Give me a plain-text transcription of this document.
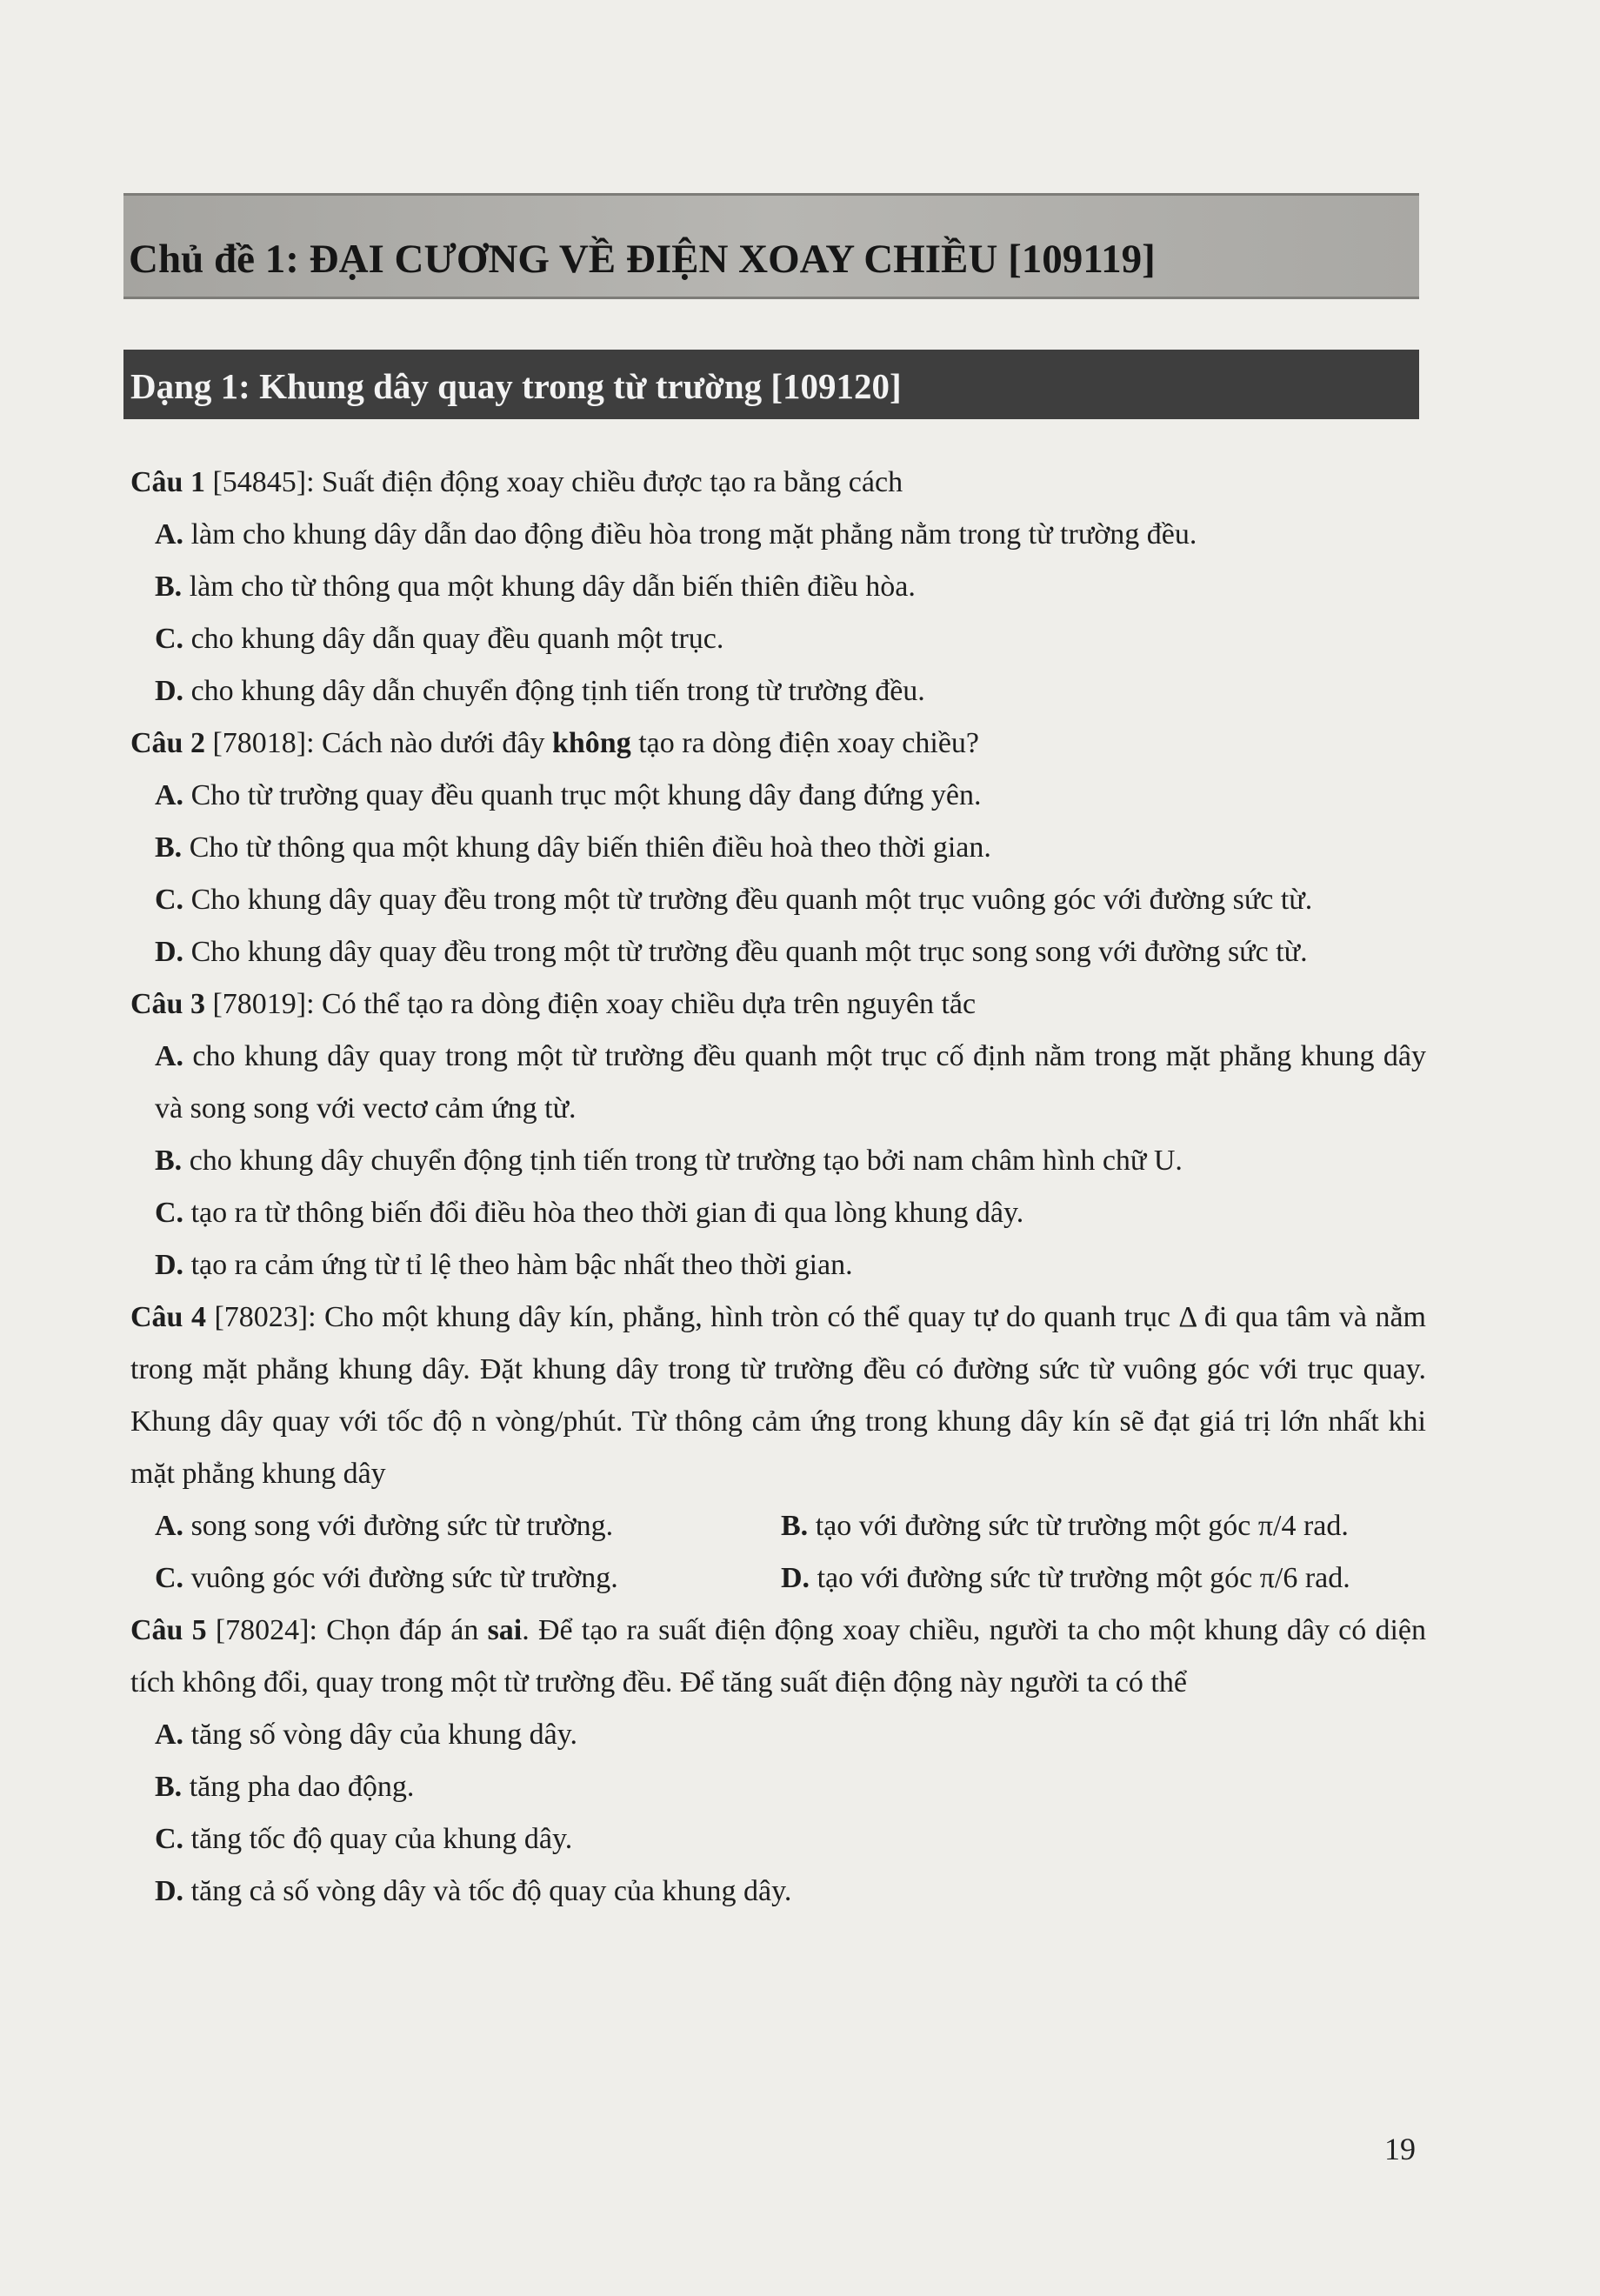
Chủ đề 1: ĐẠI CƯƠNG VỀ ĐIỆN XOAY CHIỀU [109119]
Dạng 1: Khung dây quay trong từ trường [109120]

Câu 1 [54845]: Suất điện động xoay chiều được tạo ra bằng cách

A. làm cho khung dây dẫn dao động điều hòa trong mặt phẳng nằm trong từ trường đều.

B. làm cho từ thông qua một khung dây dẫn biến thiên điều hòa.

C. cho khung dây dẫn quay đều quanh một trục.

D. cho khung dây dẫn chuyển động tịnh tiến trong từ trường đều.

Câu 2 [78018]: Cách nào dưới đây không tạo ra dòng điện xoay chiều?

A. Cho từ trường quay đều quanh trục một khung dây đang đứng yên.

B. Cho từ thông qua một khung dây biến thiên điều hoà theo thời gian.

C. Cho khung dây quay đều trong một từ trường đều quanh một trục vuông góc với đường sức từ.

D. Cho khung dây quay đều trong một từ trường đều quanh một trục song song với đường sức từ.

Câu 3 [78019]: Có thể tạo ra dòng điện xoay chiều dựa trên nguyên tắc

A. cho khung dây quay trong một từ trường đều quanh một trục cố định nằm trong mặt phẳng khung dây và song song với vectơ cảm ứng từ.

B. cho khung dây chuyển động tịnh tiến trong từ trường tạo bởi nam châm hình chữ U.

C. tạo ra từ thông biến đổi điều hòa theo thời gian đi qua lòng khung dây.

D. tạo ra cảm ứng từ tỉ lệ theo hàm bậc nhất theo thời gian.

Câu 4 [78023]: Cho một khung dây kín, phẳng, hình tròn có thể quay tự do quanh trục Δ đi qua tâm và nằm trong mặt phẳng khung dây. Đặt khung dây trong từ trường đều có đường sức từ vuông góc với trục quay. Khung dây quay với tốc độ n vòng/phút. Từ thông cảm ứng trong khung dây kín sẽ đạt giá trị lớn nhất khi mặt phẳng khung dây

A. song song với đường sức từ trường.	B. tạo với đường sức từ trường một góc π/4 rad.
C. vuông góc với đường sức từ trường.	D. tạo với đường sức từ trường một góc π/6 rad.

Câu 5 [78024]: Chọn đáp án sai. Để tạo ra suất điện động xoay chiều, người ta cho một khung dây có diện tích không đổi, quay trong một từ trường đều. Để tăng suất điện động này người ta có thể

A. tăng số vòng dây của khung dây.

B. tăng pha dao động.

C. tăng tốc độ quay của khung dây.

D. tăng cả số vòng dây và tốc độ quay của khung dây.

19
